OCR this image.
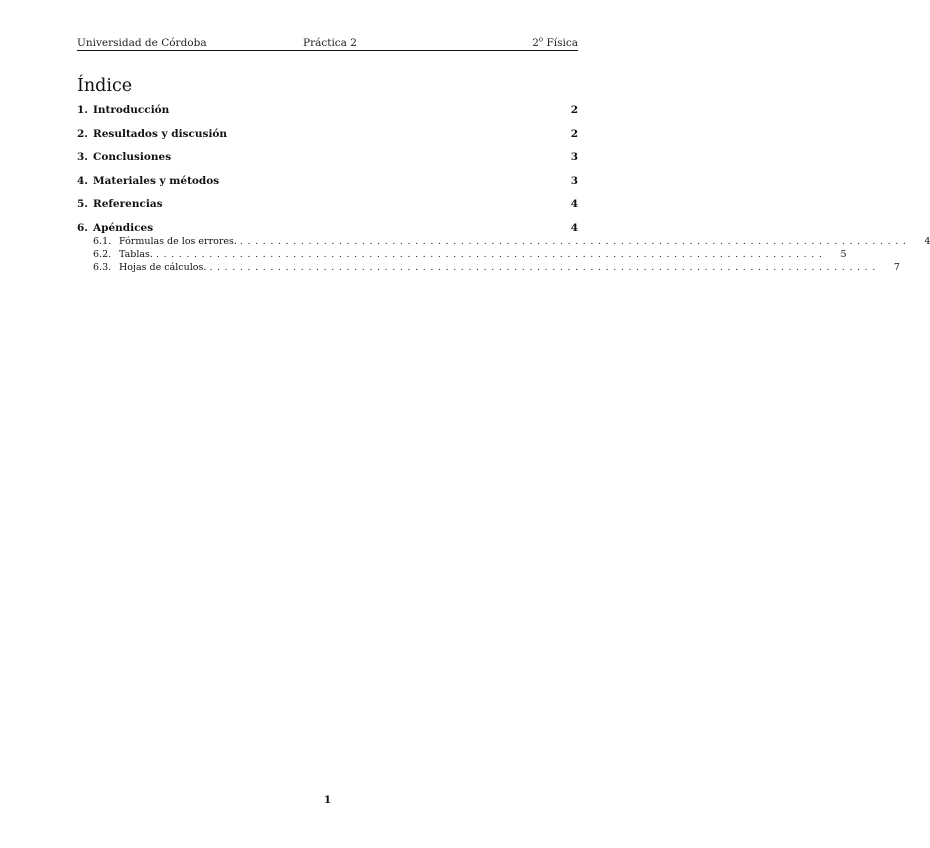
Universidad de Córdoba	Práctica 2	2$^o$ Física
Índice
1. Introducción	2
2. Resultados y discusión	2
3. Conclusiones	3
4. Materiales y métodos	3
5. Referencias	4
6. Apéndices	4
6.1. Fórmulas de los errores. ........................................................................................	4
6.2. Tablas. ........................................................................................	5
6.3. Hojas de cálculos. ........................................................................................	7
1
